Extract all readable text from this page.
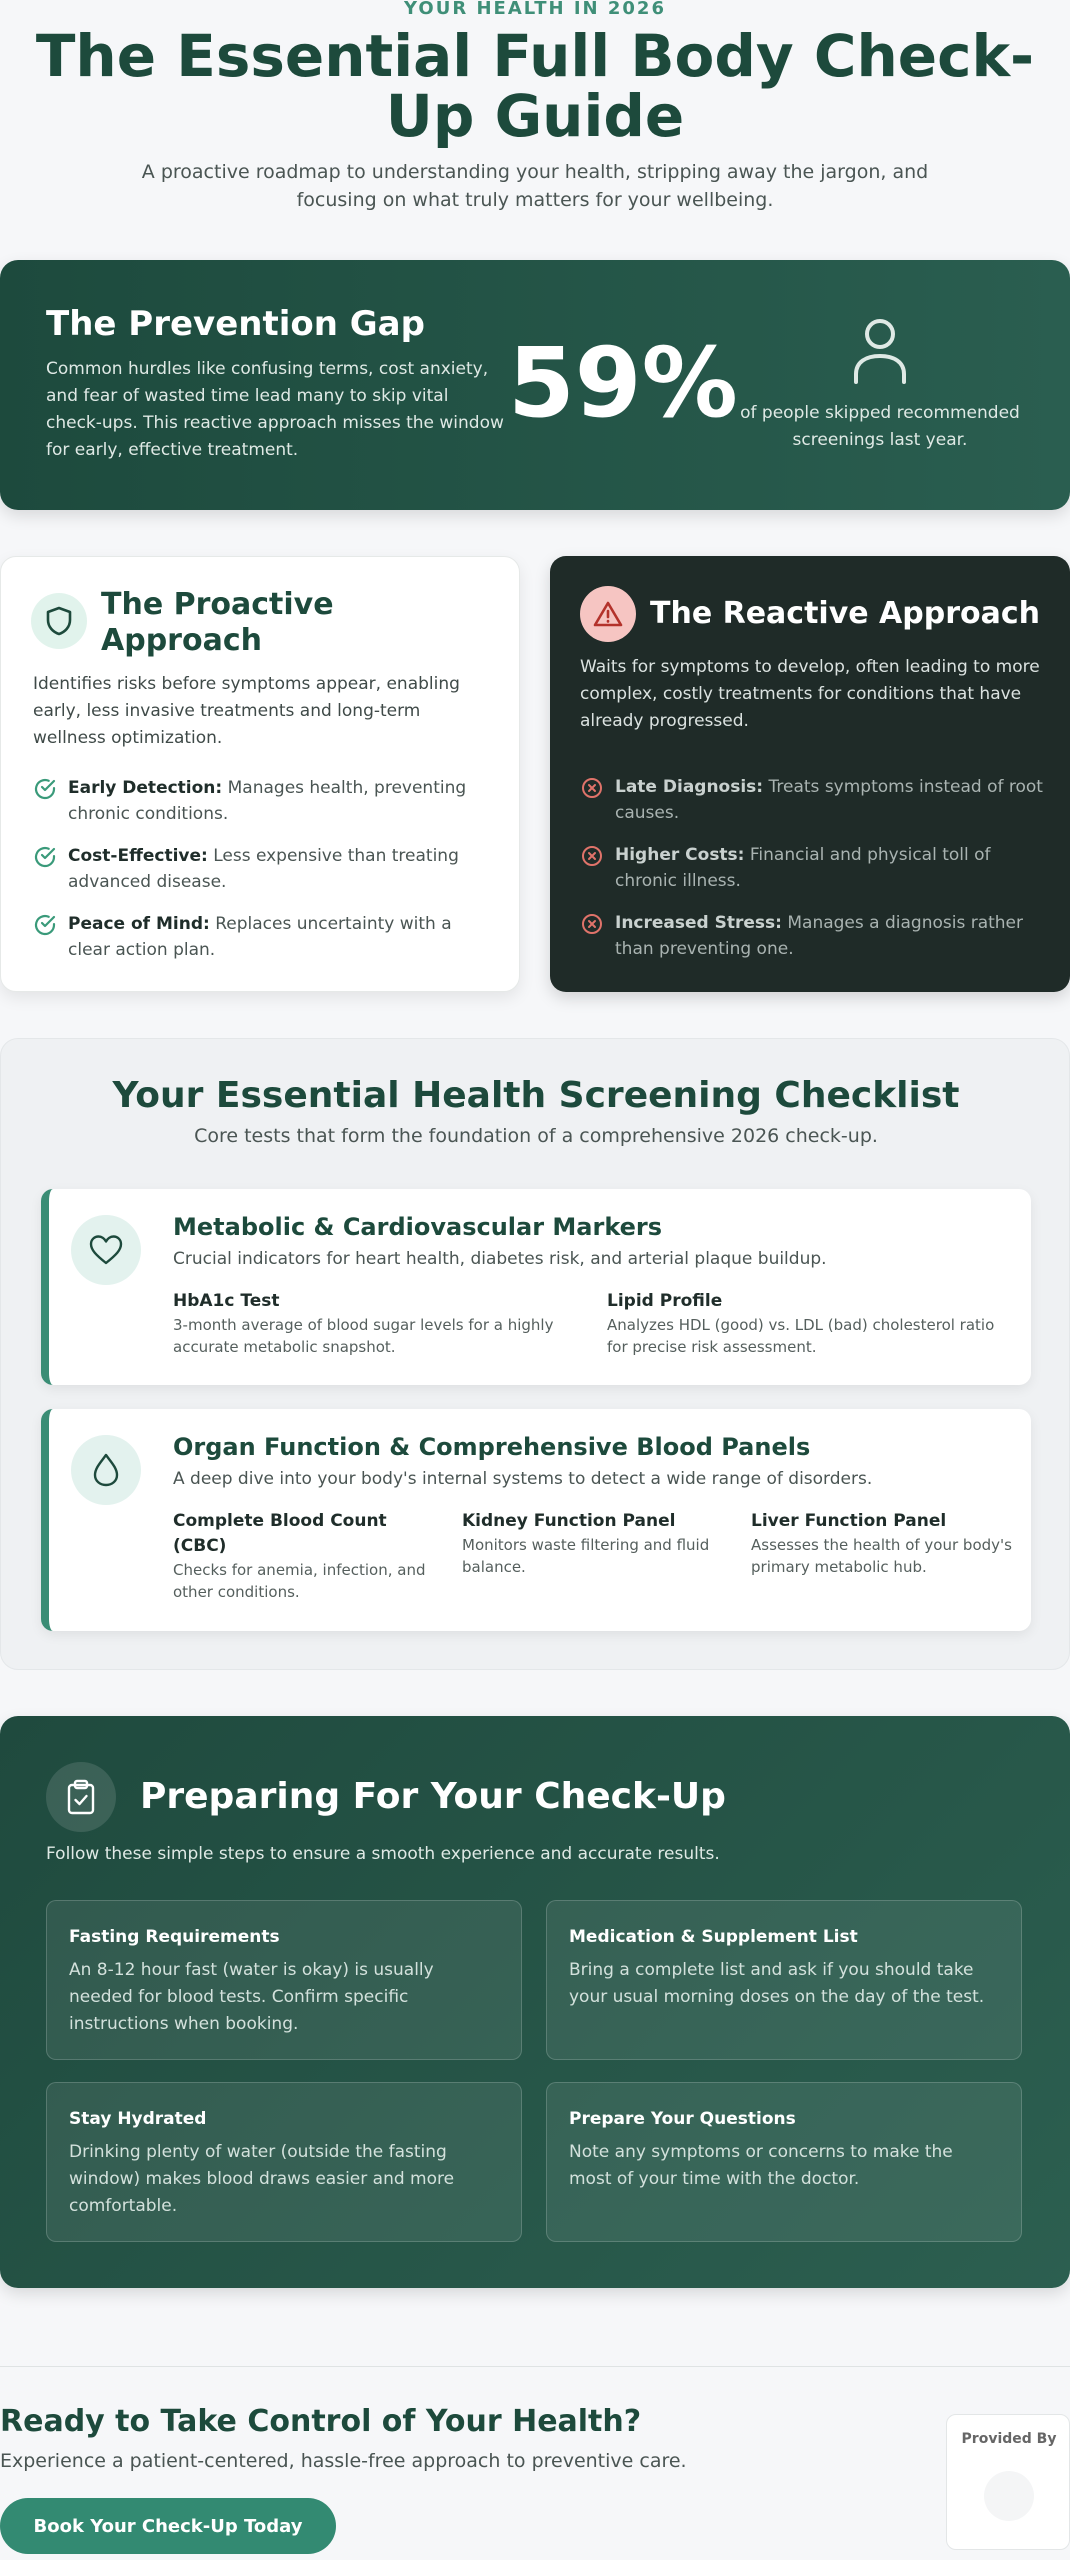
YOUR HEALTH IN 2026
The Essential Full Body Check-Up Guide

A proactive roadmap to understanding your health, stripping away the jargon, and focusing on what truly matters for your wellbeing.

The Prevention Gap

Common hurdles like confusing terms, cost anxiety, and fear of wasted time lead many to skip vital check-ups. This reactive approach misses the window for early, effective treatment.

59% of people skipped recommended screenings last year.

The Proactive Approach

Identifies risks before symptoms appear, enabling early, less invasive treatments and long-term wellness optimization.

Early Detection: Manages health, preventing chronic conditions.
Cost-Effective: Less expensive than treating advanced disease.
Peace of Mind: Replaces uncertainty with a clear action plan.
The Reactive Approach

Waits for symptoms to develop, often leading to more complex, costly treatments for conditions that have already progressed.

Late Diagnosis: Treats symptoms instead of root causes.
Higher Costs: Financial and physical toll of chronic illness.
Increased Stress: Manages a diagnosis rather than preventing one.
Your Essential Health Screening Checklist

Core tests that form the foundation of a comprehensive 2026 check-up.

Metabolic & Cardiovascular Markers

Crucial indicators for heart health, diabetes risk, and arterial plaque buildup.

HbA1c Test
3-month average of blood sugar levels for a highly accurate metabolic snapshot.
Lipid Profile
Analyzes HDL (good) vs. LDL (bad) cholesterol ratio for precise risk assessment.
Organ Function & Comprehensive Blood Panels

A deep dive into your body's internal systems to detect a wide range of disorders.

Complete Blood Count (CBC)
Checks for anemia, infection, and other conditions.
Kidney Function Panel
Monitors waste filtering and fluid balance.
Liver Function Panel
Assesses the health of your body's primary metabolic hub.
Preparing For Your Check-Up

Follow these simple steps to ensure a smooth experience and accurate results.

Fasting Requirements
An 8-12 hour fast (water is okay) is usually needed for blood tests. Confirm specific instructions when booking.
Medication & Supplement List
Bring a complete list and ask if you should take your usual morning doses on the day of the test.
Stay Hydrated
Drinking plenty of water (outside the fasting window) makes blood draws easier and more comfortable.
Prepare Your Questions
Note any symptoms or concerns to make the most of your time with the doctor.
Ready to Take Control of Your Health?

Experience a patient-centered, hassle-free approach to preventive care.

Book Your Check-Up Today
Provided By
